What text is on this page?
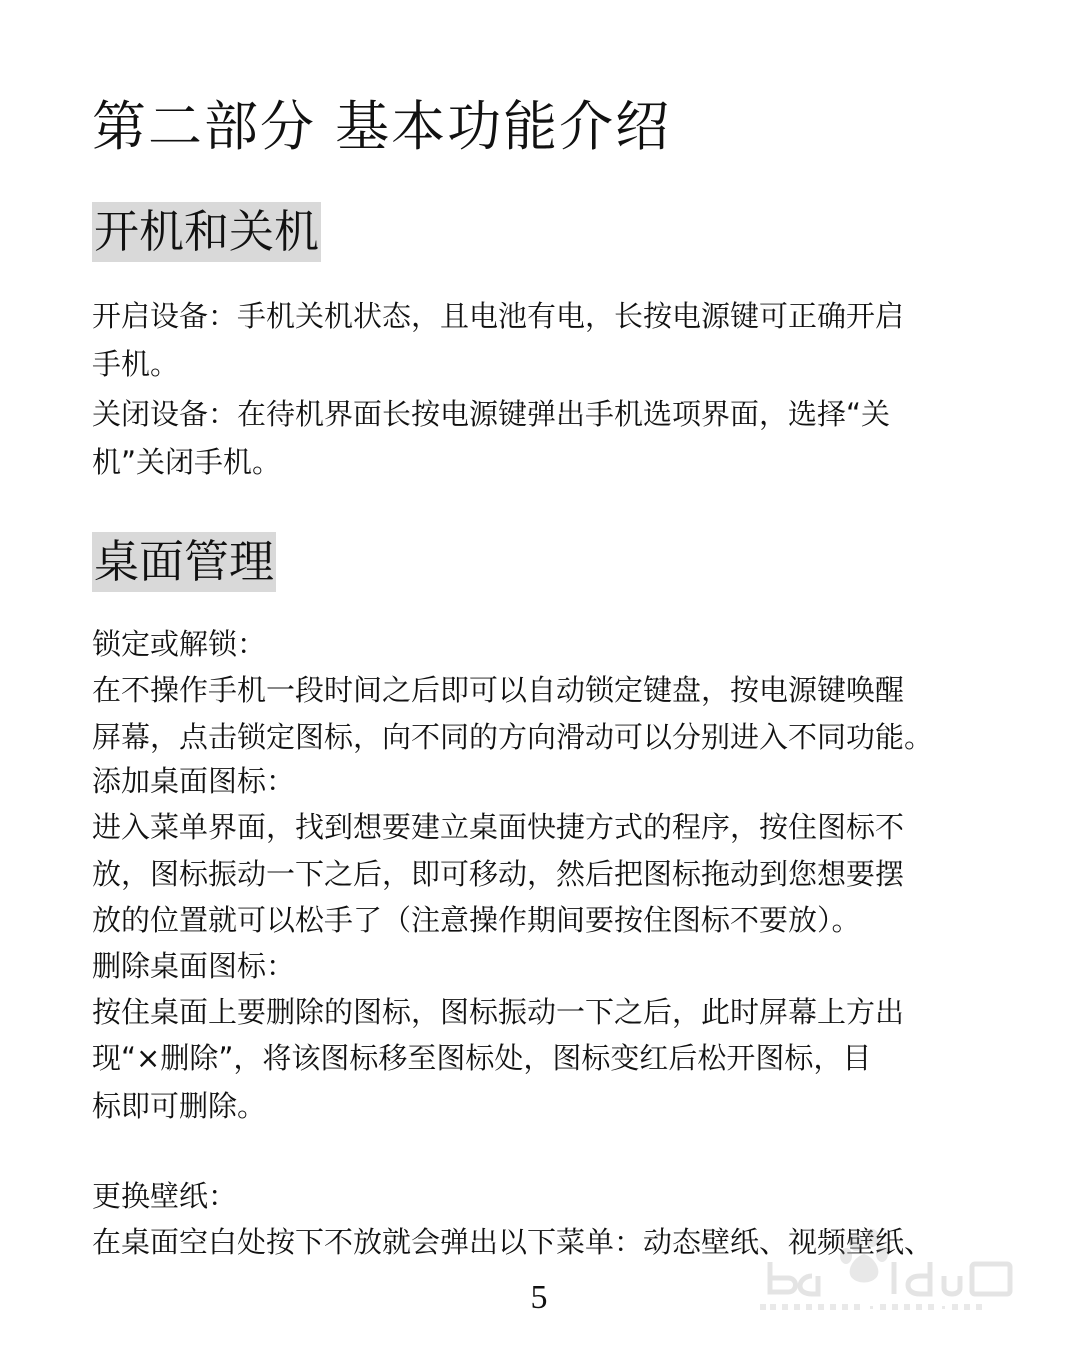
第二部分 基本功能介绍
开机和关机

开启设备：手机关机状态，且电池有电，长按电源键可正确开启

手机。

关闭设备：在待机界面长按电源键弹出手机选项界面，选择“关

机”关闭手机。

桌面管理

锁定或解锁：

在不操作手机一段时间之后即可以自动锁定键盘，按电源键唤醒

屏幕，点击锁定图标，向不同的方向滑动可以分别进入不同功能。

添加桌面图标：

进入菜单界面，找到想要建立桌面快捷方式的程序，按住图标不

放，图标振动一下之后，即可移动，然后把图标拖动到您想要摆

放的位置就可以松手了（注意操作期间要按住图标不要放）。

删除桌面图标：

按住桌面上要删除的图标，图标振动一下之后，此时屏幕上方出

现“×删除”，将该图标移至图标处，图标变红后松开图标，目

标即可删除。

更换壁纸：

在桌面空白处按下不放就会弹出以下菜单：动态壁纸、视频壁纸、

5
